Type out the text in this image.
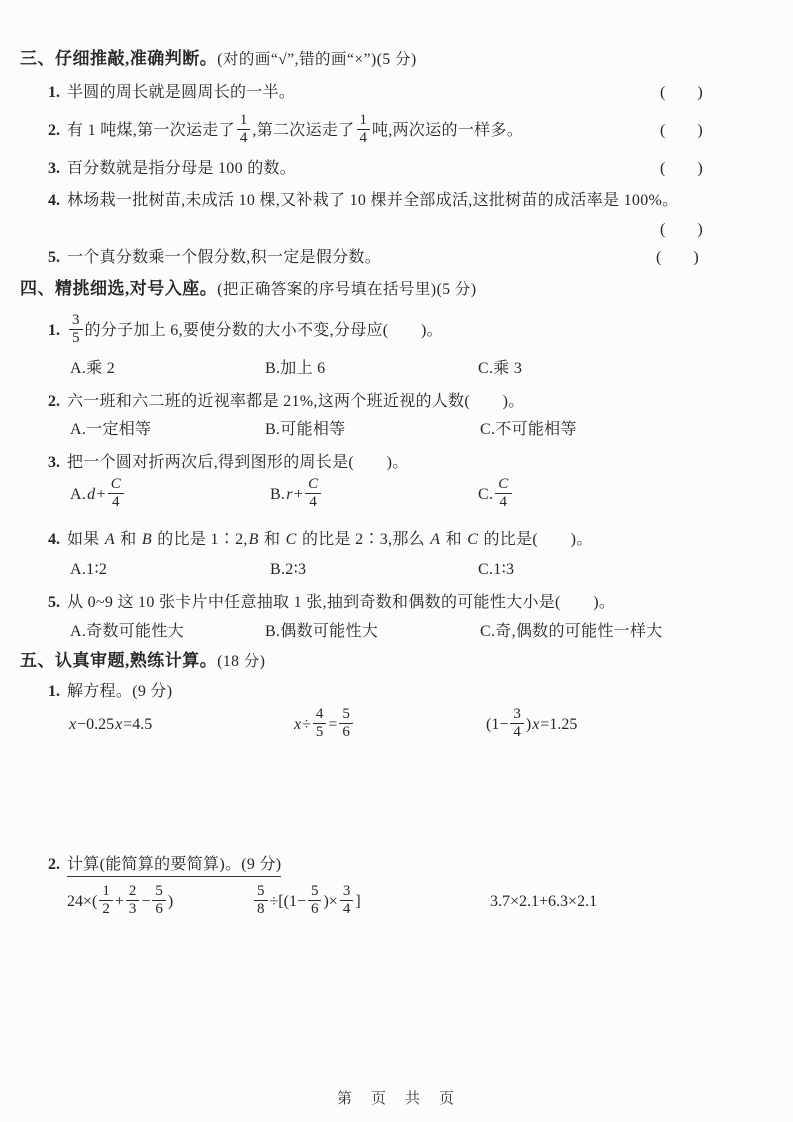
三、仔细推敲,准确判断。(对的画“√”,错的画“×”)(5 分)
1. 半圆的周长就是圆周长的一半。	(　　)
2. 有 1 吨煤,第一次运走了 $\frac{1}{4}$ ,第二次运走了 $\frac{1}{4}$ 吨,两次运的一样多。	(　　)
3. 百分数就是指分母是 100 的数。	(　　)
4. 林场栽一批树苗,未成活 10 棵,又补栽了 10 棵并全部成活,这批树苗的成活率是 100%。
(　　)
5. 一个真分数乘一个假分数,积一定是假分数。	(　　)
四、精挑细选,对号入座。(把正确答案的序号填在括号里)(5 分)
1. $\frac{3}{5}$ 的分子加上 6,要使分数的大小不变,分母应(　　)。
A.乘 2	B.加上 6	C.乘 3
2. 六一班和六二班的近视率都是 21%,这两个班近视的人数(　　)。
A.一定相等	B.可能相等	C.不可能相等
3. 把一个圆对折两次后,得到图形的周长是(　　)。
$A.d+ \frac{C}{4}$	$B.r+ \frac{C}{4}$	C. $\frac{C}{4}$
4. 如果 A 和 B 的比是 1∶2,B 和 C 的比是 2∶3,那么 A 和 C 的比是(　　)。
A.1∶2	B.2∶3	C.1∶3
5. 从 0~9 这 10 张卡片中任意抽取 1 张,抽到奇数和偶数的可能性大小是(　　)。
A.奇数可能性大	B.偶数可能性大	C.奇,偶数的可能性一样大
五、认真审题,熟练计算。(18 分)
1. 解方程。(9 分)
x−0.25x=4.5	$x\div \frac{4}{5} = \frac{5}{6}$	$(1- \frac{3}{4} )x=1.25$
2. 计算(能简算的要简算)。(9 分)
$24\times( \frac{1}{2} + \frac{2}{3} - \frac{5}{6}$ )	$\frac{5}{8} \div[(1- \frac{5}{6}$ )× $\frac{3}{4}$ ]	3.7×2.1+6.3×2.1
第　页　共　页
